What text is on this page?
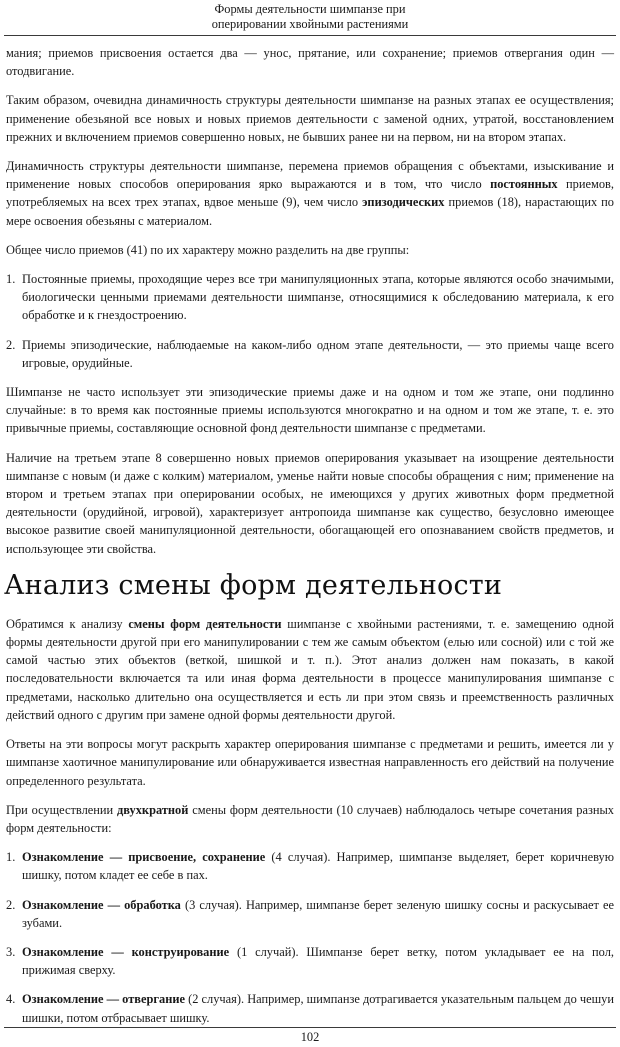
Формы деятельности шимпанзе при
оперировании хвойными растениями

мания; приемов присвоения остается два — унос, прятание, или сохранение; приемов отвергания один — отодвигание.

Таким образом, очевидна динамичность структуры деятельности шимпанзе на разных этапах ее осуществления; применение обезьяной все новых и новых приемов деятельности с заменой одних, утратой, восстановлением прежних и включением приемов совершенно новых, не бывших ранее ни на первом, ни на втором этапах.

Динамичность структуры деятельности шимпанзе, перемена приемов обращения с объектами, изыскивание и применение новых способов оперирования ярко выражаются и в том, что число постоянных приемов, употребляемых на всех трех этапах, вдвое меньше (9), чем число эпизодических приемов (18), нарастающих по мере освоения обезьяны с материалом.

Общее число приемов (41) по их характеру можно разделить на две группы:

1. Постоянные приемы, проходящие через все три манипуляционных этапа, которые являются особо значимыми, биологически ценными приемами деятельности шимпанзе, относящимися к обследованию материала, к его обработке и к гнездостроению.
2. Приемы эпизодические, наблюдаемые на каком-либо одном этапе деятельности, — это приемы чаще всего игровые, орудийные.

Шимпанзе не часто использует эти эпизодические приемы даже и на одном и том же этапе, они подлинно случайные: в то время как постоянные приемы используются многократно и на одном и том же этапе, т. е. это привычные приемы, составляющие основной фонд деятельности шимпанзе с предметами.

Наличие на третьем этапе 8 совершенно новых приемов оперирования указывает на изощрение деятельности шимпанзе с новым (и даже с колким) материалом, уменье найти новые способы обращения с ним; применение на втором и третьем этапах при оперировании особых, не имеющихся у других животных форм предметной деятельности (орудийной, игровой), характеризует антропоида шимпанзе как существо, безусловно имеющее высокое развитие своей манипуляционной деятельности, обогащающей его опознаванием свойств предметов, и использующее эти свойства.

Анализ смены форм деятельности

Обратимся к анализу смены форм деятельности шимпанзе с хвойными растениями, т. е. замещению одной формы деятельности другой при его манипулировании с тем же самым объектом (елью или сосной) или с той же самой частью этих объектов (веткой, шишкой и т. п.). Этот анализ должен нам показать, в какой последовательности включается та или иная форма деятельности в процессе манипулирования шимпанзе с предметами, насколько длительно она осуществляется и есть ли при этом связь и преемственность различных действий одного с другим при замене одной формы деятельности другой.

Ответы на эти вопросы могут раскрыть характер оперирования шимпанзе с предметами и решить, имеется ли у шимпанзе хаотичное манипулирование или обнаруживается известная направленность его действий на получение определенного результата.

При осуществлении двухкратной смены форм деятельности (10 случаев) наблюдалось четыре сочетания разных форм деятельности:

1. Ознакомление — присвоение, сохранение (4 случая). Например, шимпанзе выделяет, берет коричневую шишку, потом кладет ее себе в пах.
2. Ознакомление — обработка (3 случая). Например, шимпанзе берет зеленую шишку сосны и раскусывает ее зубами.
3. Ознакомление — конструирование (1 случай). Шимпанзе берет ветку, потом укладывает ее на пол, прижимая сверху.
4. Ознакомление — отвергание (2 случая). Например, шимпанзе дотрагивается указательным пальцем до чешуи шишки, потом отбрасывает шишку.
102
